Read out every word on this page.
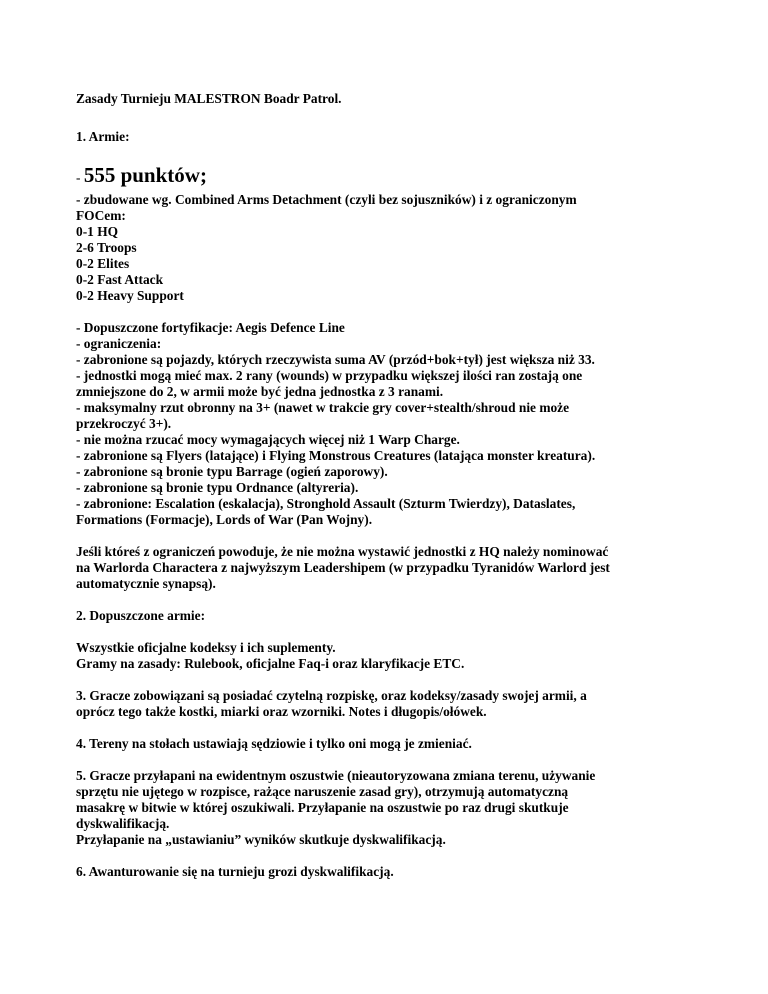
Zasady Turnieju MALESTRON Boadr Patrol.

1. Armie:

- 555 punktów;

- zbudowane wg. Combined Arms Detachment (czyli bez sojuszników) i z ograniczonym
FOCem:
0-1 HQ
2-6 Troops
0-2 Elites
0-2 Fast Attack
0-2 Heavy Support
- Dopuszczone fortyfikacje: Aegis Defence Line
- ograniczenia:
- zabronione są pojazdy, których rzeczywista suma AV (przód+bok+tył) jest większa niż 33.
- jednostki mogą mieć max. 2 rany (wounds) w przypadku większej ilości ran zostają one
zmniejszone do 2, w armii może być jedna jednostka z 3 ranami.
- maksymalny rzut obronny na 3+ (nawet w trakcie gry cover+stealth/shroud nie może
przekroczyć 3+).
- nie można rzucać mocy wymagających więcej niż 1 Warp Charge.
- zabronione są Flyers (latające) i Flying Monstrous Creatures (latająca monster kreatura).
- zabronione są bronie typu Barrage (ogień zaporowy).
- zabronione są bronie typu Ordnance (altyreria).
- zabronione: Escalation (eskalacja), Stronghold Assault (Szturm Twierdzy), Dataslates,
Formations (Formacje), Lords of War (Pan Wojny).
Jeśli któreś z ograniczeń powoduje, że nie można wystawić jednostki z HQ należy nominować
na Warlorda Charactera z najwyższym Leadershipem (w przypadku Tyranidów Warlord jest
automatycznie synapsą).

2. Dopuszczone armie:

Wszystkie oficjalne kodeksy i ich suplementy.
Gramy na zasady: Rulebook, oficjalne Faq-i oraz klaryfikacje ETC.
3. Gracze zobowiązani są posiadać czytelną rozpiskę, oraz kodeksy/zasady swojej armii, a
oprócz tego także kostki, miarki oraz wzorniki. Notes i długopis/ołówek.
4. Tereny na stołach ustawiają sędziowie i tylko oni mogą je zmieniać.
5. Gracze przyłapani na ewidentnym oszustwie (nieautoryzowana zmiana terenu, używanie
sprzętu nie ujętego w rozpisce, rażące naruszenie zasad gry), otrzymują automatyczną
masakrę w bitwie w której oszukiwali. Przyłapanie na oszustwie po raz drugi skutkuje
dyskwalifikacją.
Przyłapanie na „ustawianiu” wyników skutkuje dyskwalifikacją.
6. Awanturowanie się na turnieju grozi dyskwalifikacją.
